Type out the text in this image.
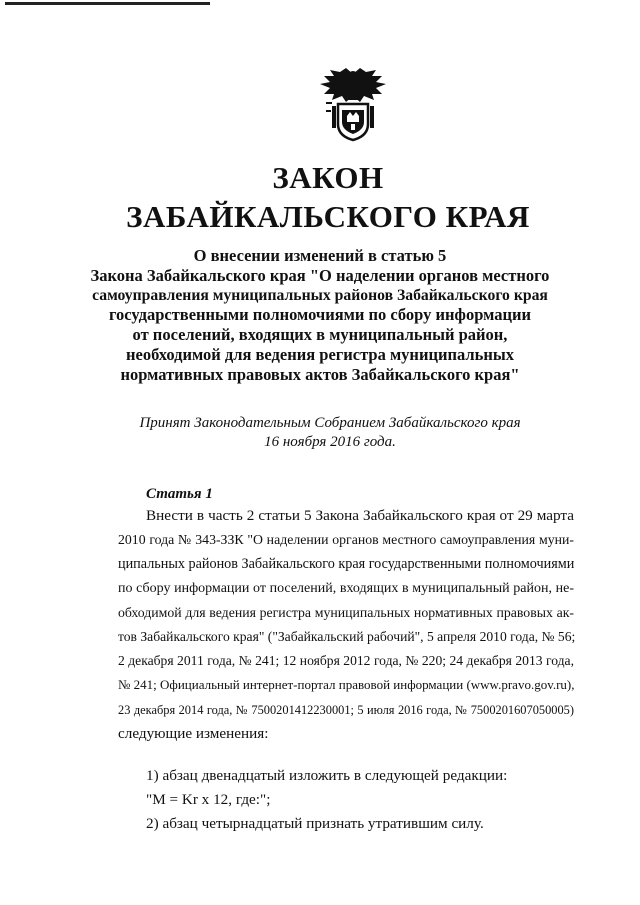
ЗАКОН
ЗАБАЙКАЛЬСКОГО КРАЯ
О внесении изменений в статью 5
Закона Забайкальского края "О наделении органов местного
самоуправления муниципальных районов Забайкальского края
государственными полномочиями по сбору информации
от поселений, входящих в муниципальный район,
необходимой для ведения регистра муниципальных
нормативных правовых актов Забайкальского края"
Принят Законодательным Собранием Забайкальского края
16 ноября 2016 года.
Статья 1
Внести в часть 2 статьи 5 Закона Забайкальского края от 29 марта
2010 года № 343-ЗЗК "О наделении органов местного самоуправления муни-
ципальных районов Забайкальского края государственными полномочиями
по сбору информации от поселений, входящих в муниципальный район, не-
обходимой для ведения регистра муниципальных нормативных правовых ак-
тов Забайкальского края" ("Забайкальский рабочий", 5 апреля 2010 года, № 56;
2 декабря 2011 года, № 241; 12 ноября 2012 года, № 220; 24 декабря 2013 года,
№ 241; Официальный интернет-портал правовой информации (www.pravo.gov.ru),
23 декабря 2014 года, № 7500201412230001; 5 июля 2016 года, № 7500201607050005)
следующие изменения:
1) абзац двенадцатый изложить в следующей редакции:
"М = Kr x 12, где:";
2) абзац четырнадцатый признать утратившим силу.
